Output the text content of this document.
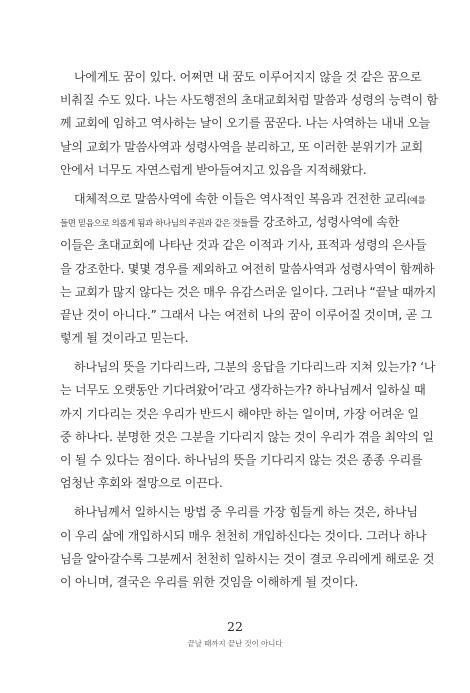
나에게도 꿈이 있다. 어쩌면 내 꿈도 이루어지지 않을 것 같은 꿈으로
비춰질 수도 있다. 나는 사도행전의 초대교회처럼 말씀과 성령의 능력이 함
께 교회에 임하고 역사하는 날이 오기를 꿈꾼다. 나는 사역하는 내내 오늘
날의 교회가 말씀사역과 성령사역을 분리하고, 또 이러한 분위기가 교회
안에서 너무도 자연스럽게 받아들여지고 있음을 지적해왔다.

대체적으로 말씀사역에 속한 이들은 역사적인 복음과 건전한 교리(예를
들면 믿음으로 의롭게 됨과 하나님의 주권과 같은 것들를 강조하고, 성령사역에 속한
이들은 초대교회에 나타난 것과 같은 이적과 기사, 표적과 성령의 은사들
을 강조한다. 몇몇 경우를 제외하고 여전히 말씀사역과 성령사역이 함께하
는 교회가 많지 않다는 것은 매우 유감스러운 일이다. 그러나 “끝날 때까지
끝난 것이 아니다.” 그래서 나는 여전히 나의 꿈이 이루어질 것이며, 곧 그
렇게 될 것이라고 믿는다.

하나님의 뜻을 기다리느라, 그분의 응답을 기다리느라 지쳐 있는가? ‘나
는 너무도 오랫동안 기다려왔어’라고 생각하는가? 하나님께서 일하실 때
까지 기다리는 것은 우리가 반드시 해야만 하는 일이며, 가장 어려운 일
중 하나다. 분명한 것은 그분을 기다리지 않는 것이 우리가 겪을 최악의 일
이 될 수 있다는 점이다. 하나님의 뜻을 기다리지 않는 것은 종종 우리를
엄청난 후회와 절망으로 이끈다.

하나님께서 일하시는 방법 중 우리를 가장 힘들게 하는 것은, 하나님
이 우리 삶에 개입하시되 매우 천천히 개입하신다는 것이다. 그러나 하나
님을 알아갈수록 그분께서 천천히 일하시는 것이 결코 우리에게 해로운 것
이 아니며, 결국은 우리를 위한 것임을 이해하게 될 것이다.

22
끝날 때까지 끝난 것이 아니다
